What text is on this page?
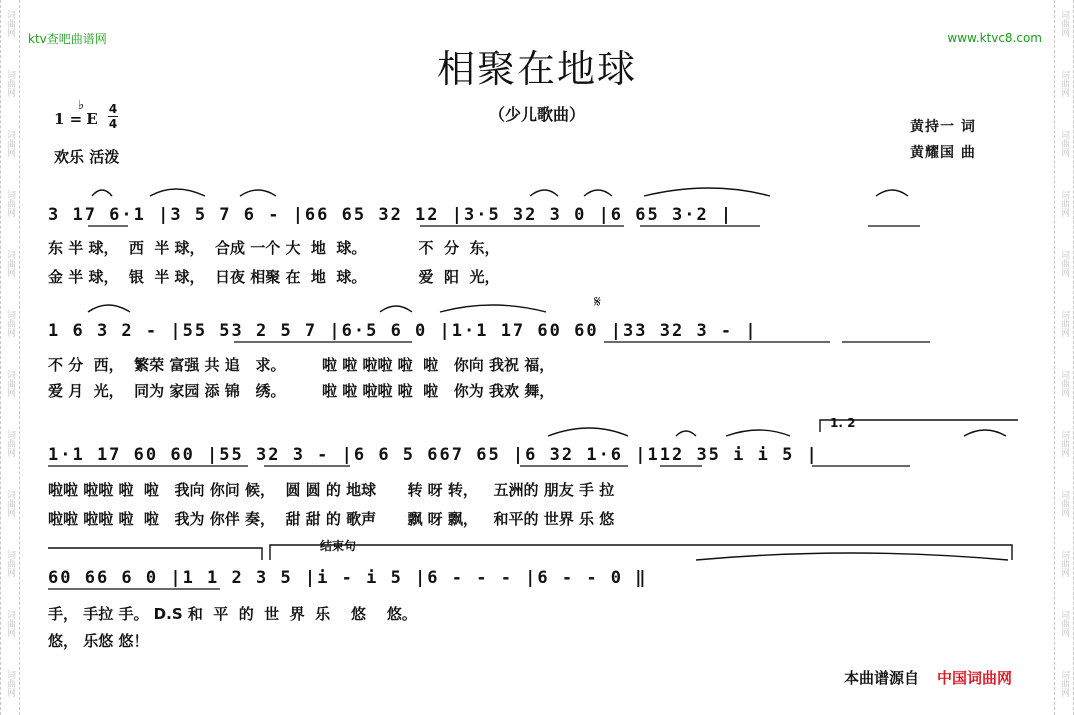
词曲网
词曲网
词曲网
词曲网
词曲网
词曲网
词曲网
词曲网
词曲网
词曲网
词曲网
词曲网
词曲网
词曲网
词曲网
词曲网
词曲网
词曲网
词曲网
词曲网
词曲网
词曲网
词曲网
词曲网
ktv查吧曲谱网	www.ktvc8.com
相聚在地球
（少儿歌曲）
1 =
♭
E
4
4
欢乐 活泼
黄持一 词
黄耀国 曲
3 17 6·1 |3 5 7 6 - |66 65 32 12 |3·5 32 3 0 |6 65 3·2 |
东 半 球，  西  半 球，  合成 一个 大  地  球。          不  分  东，
金 半 球，  银  半 球，  日夜 相聚 在  地  球。          爱  阳  光，
1 6 3 2 - |55 53 2 5 7 |6·5 6 0 |1·1 17 60 60 |33 32 3 - |
不 分  西，  繁荣 富强 共 追   求。       啦 啦 啦啦 啦  啦   你向 我祝 福，
爱 月  光，  同为 家园 添 锦   绣。       啦 啦 啦啦 啦  啦   你为 我欢 舞，
𝄋
1·1 17 60 60 |55 32 3 - |6 6 5 667 65 |6 32 1·6 |112 35 i i 5 |
啦啦 啦啦 啦  啦   我向 你问 候，  圆 圆 的 地球      转 呀 转，   五洲的 朋友 手 拉
啦啦 啦啦 啦  啦   我为 你伴 奏，  甜 甜 的 歌声      飘 呀 飘，   和平的 世界 乐 悠
1. 2
结束句
60 66 6 0 |1 1 2 3 5 |i - i 5 |6 - - - |6 - - 0 ‖
手， 手拉 手。 D.S 和  平  的  世  界  乐    悠    悠。
悠， 乐悠 悠！
本曲谱源自 中国词曲网
